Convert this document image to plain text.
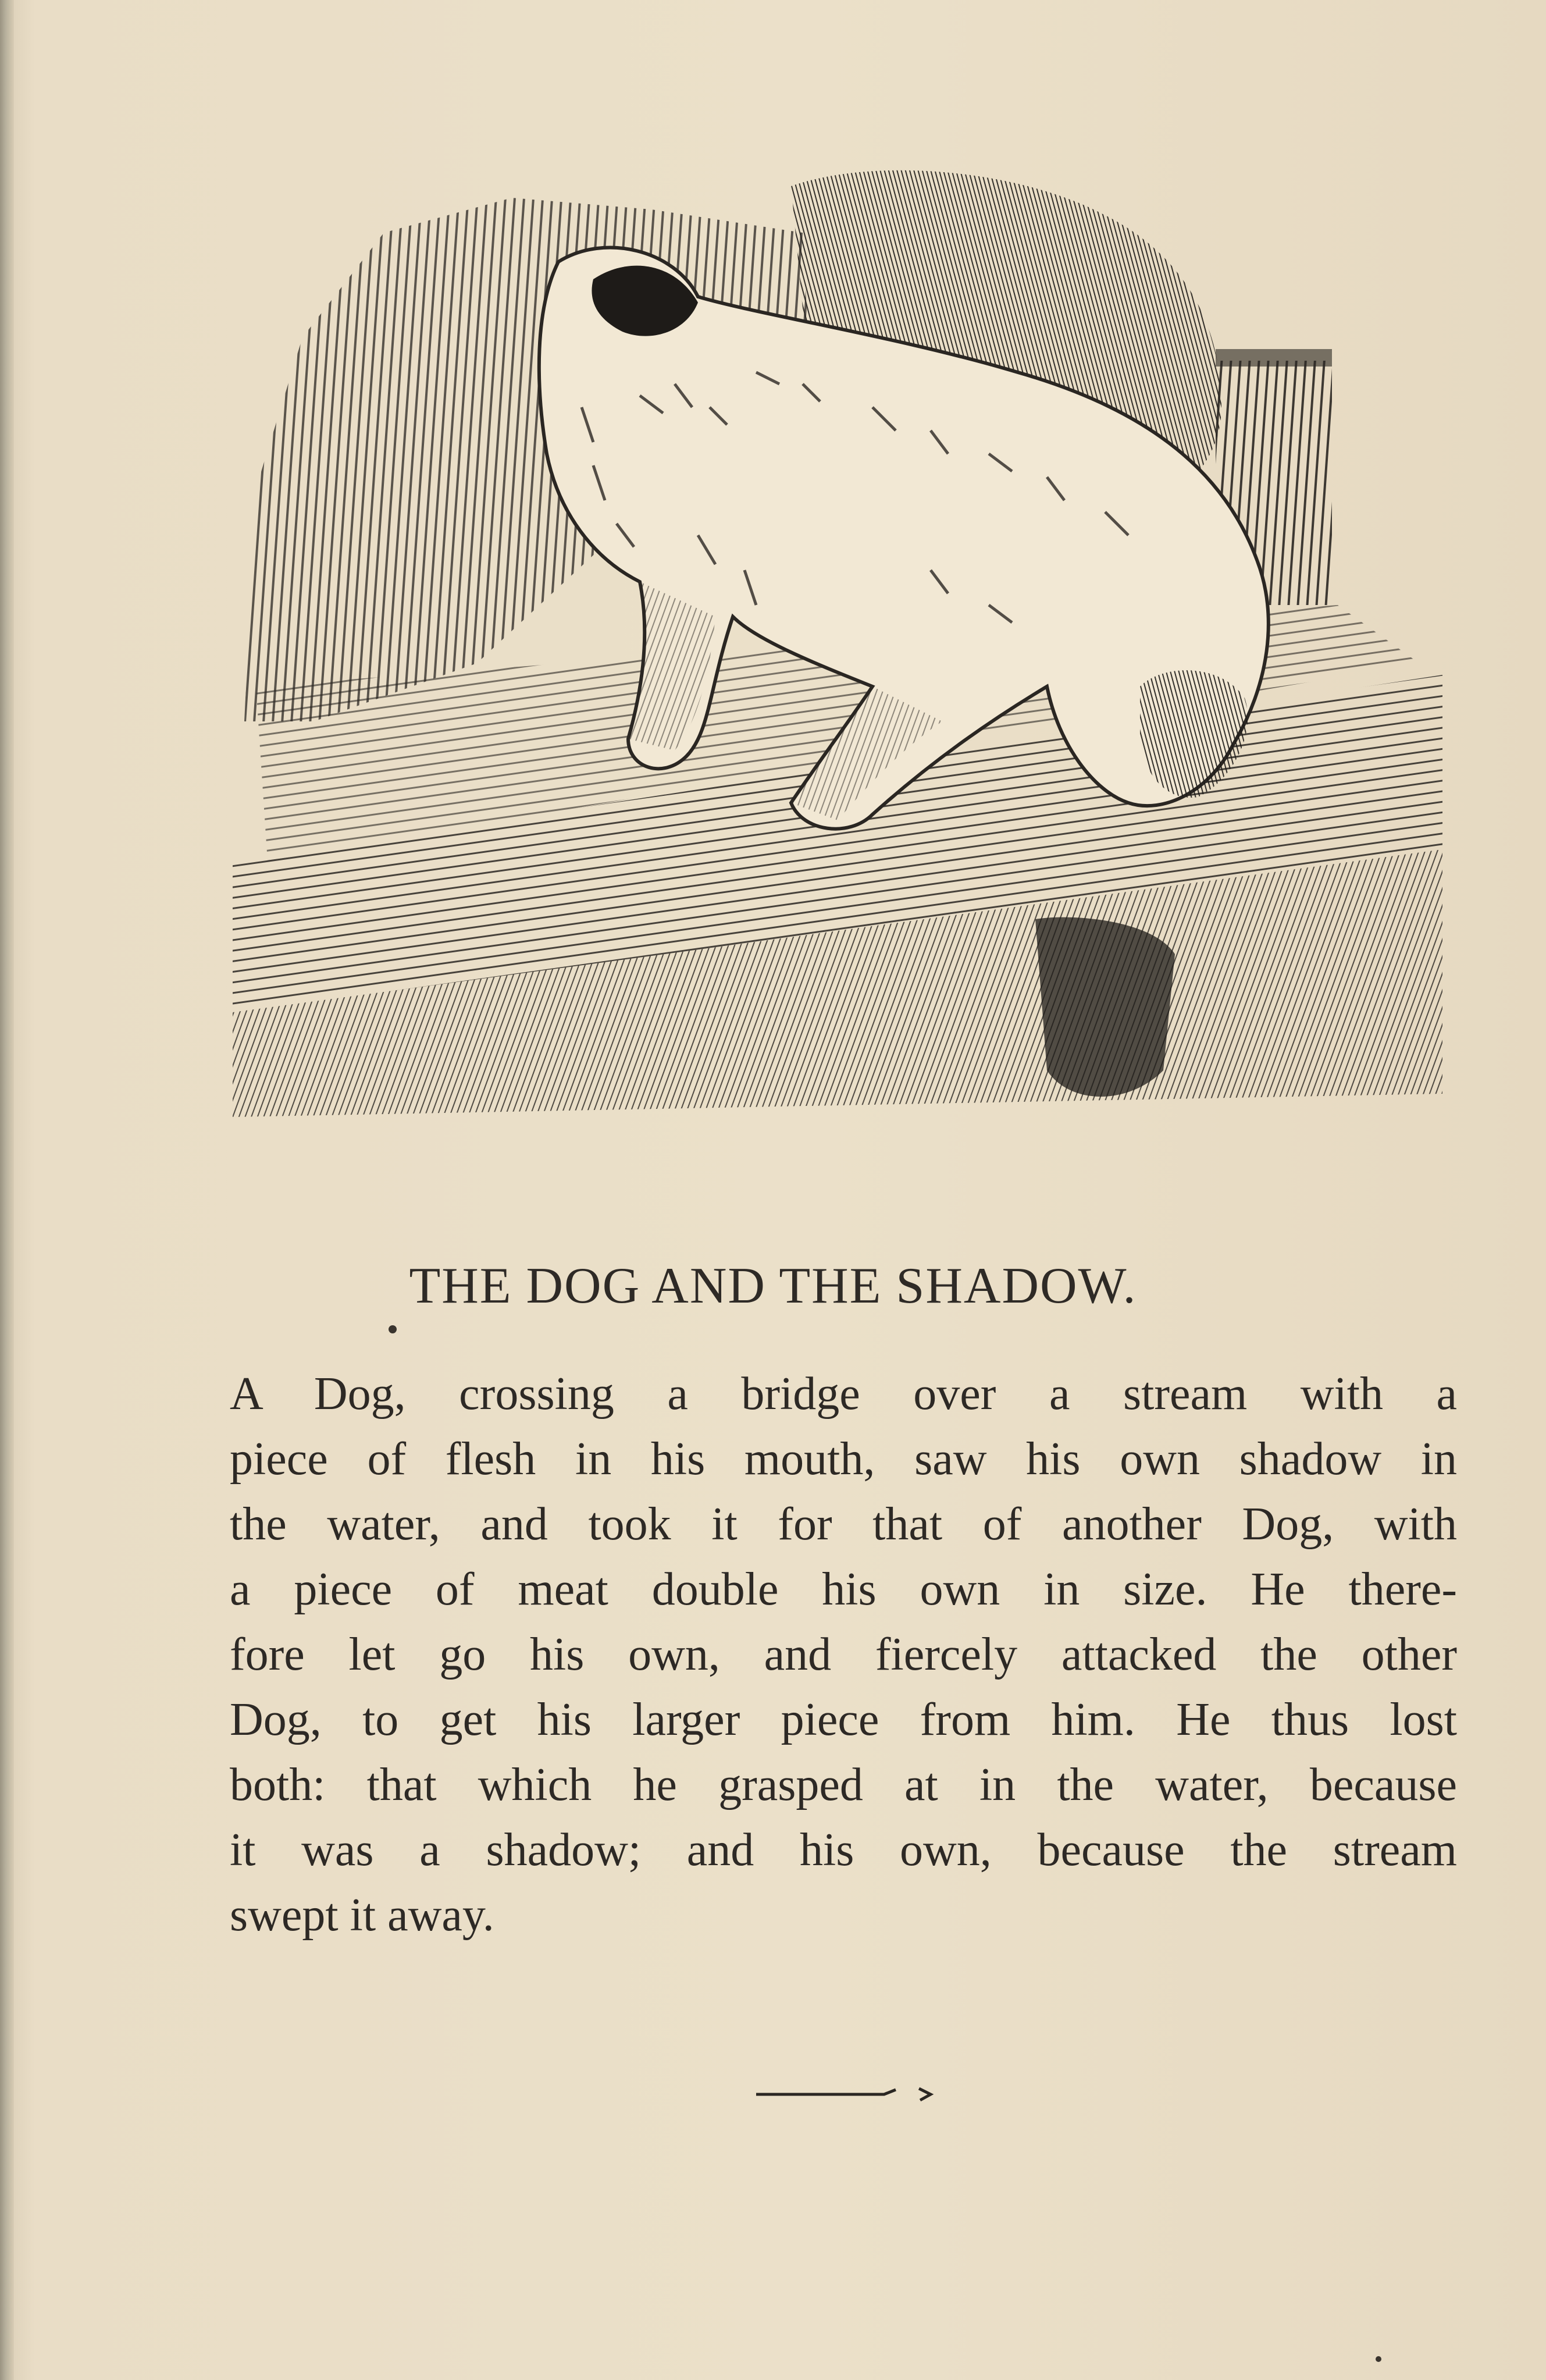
THE DOG AND THE SHADOW.
A Dog, crossing a bridge over a stream with a
piece of flesh in his mouth, saw his own shadow in
the water, and took it for that of another Dog, with
a piece of meat double his own in size. He there-
fore let go his own, and fiercely attacked the other
Dog, to get his larger piece from him. He thus lost
both: that which he grasped at in the water, because
it was a shadow; and his own, because the stream
swept it away.
